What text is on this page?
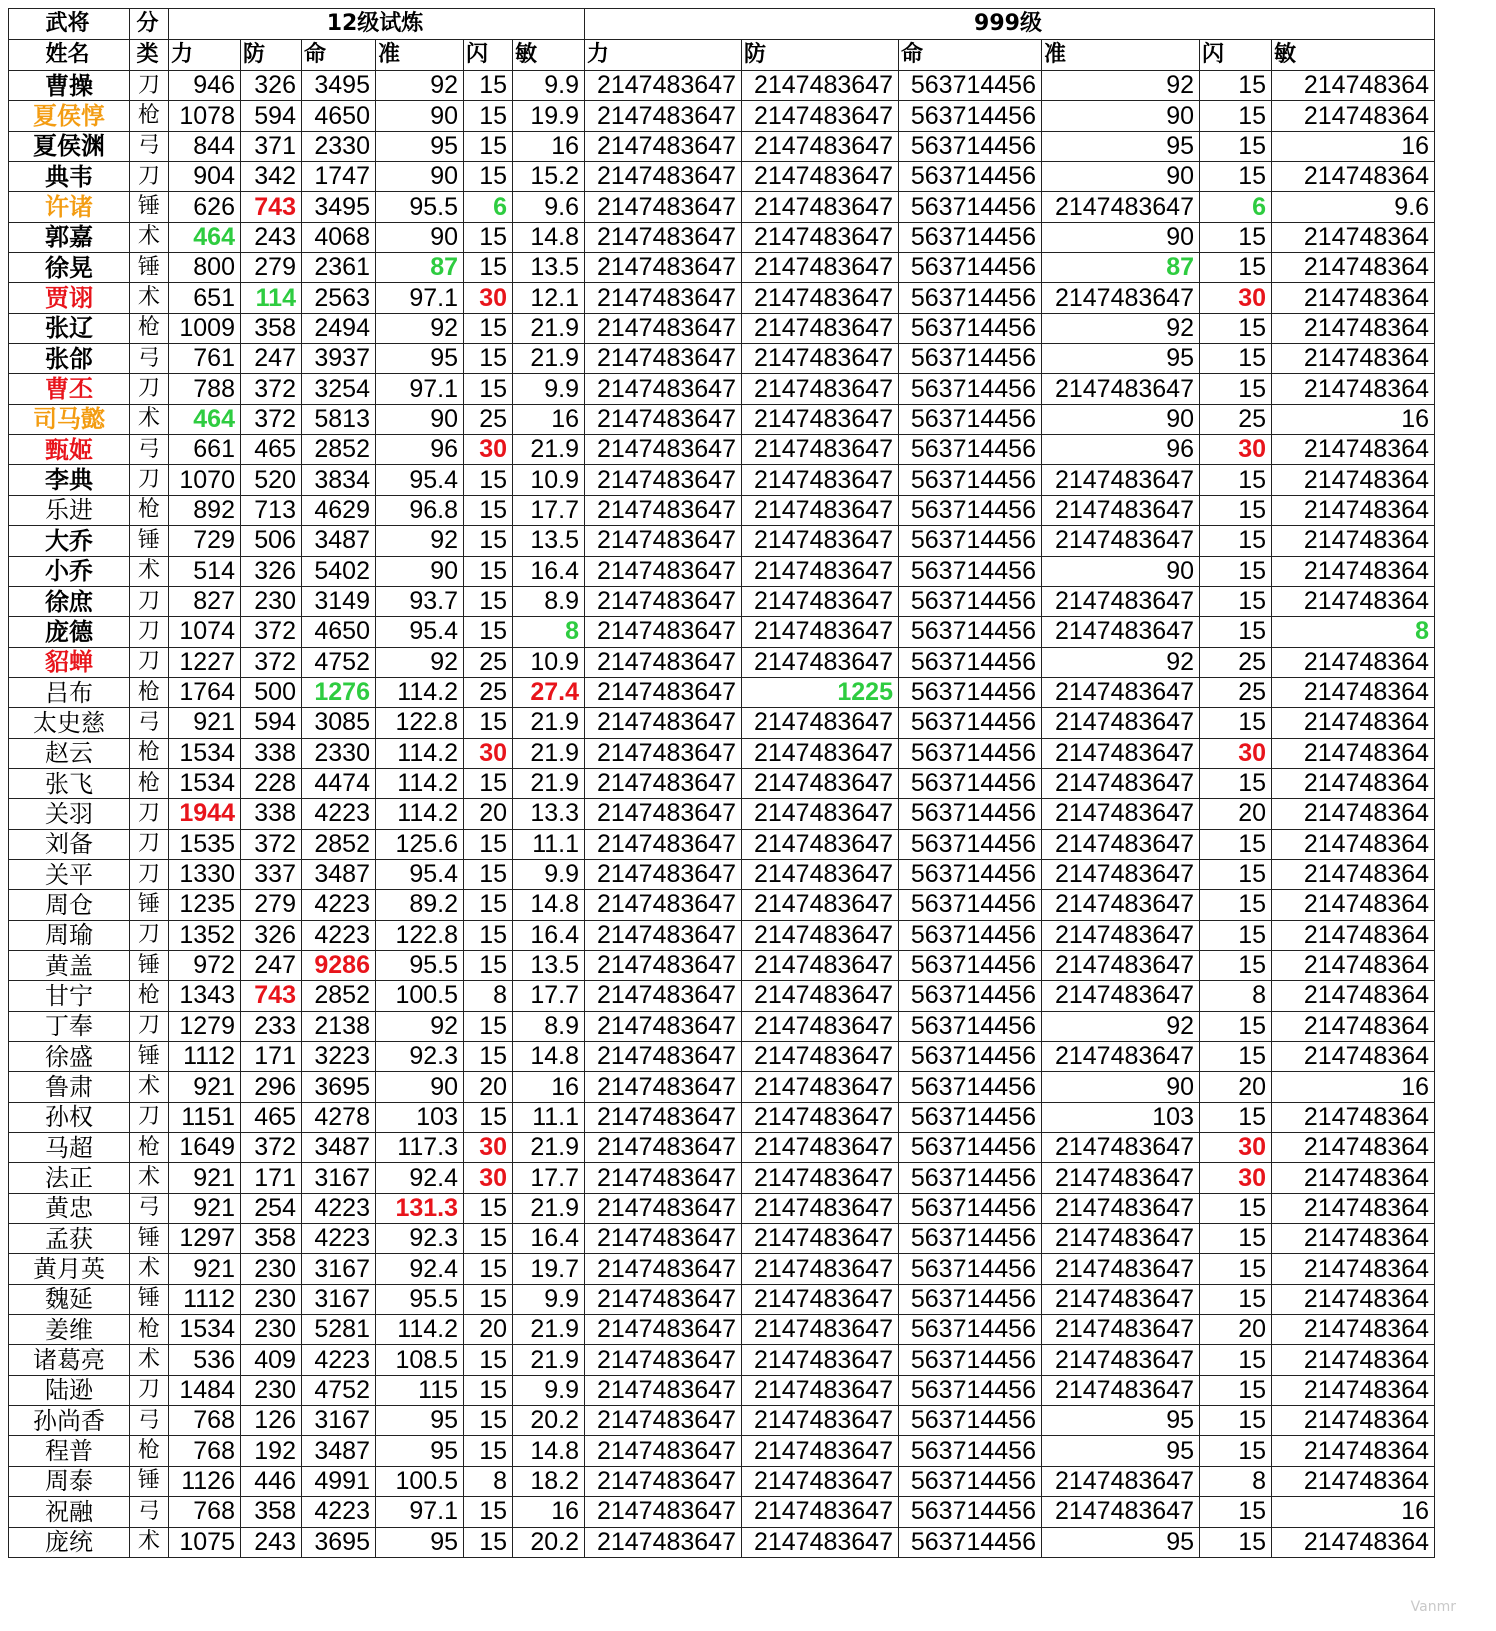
武将	分	12级试炼						999级					
姓名	类	力	防	命	准	闪	敏	力	防	命	准	闪	敏
曹操	刀	946	326	3495	92	15	9.9	2147483647	2147483647	563714456	92	15	214748364
夏侯惇	枪	1078	594	4650	90	15	19.9	2147483647	2147483647	563714456	90	15	214748364
夏侯渊	弓	844	371	2330	95	15	16	2147483647	2147483647	563714456	95	15	16
典韦	刀	904	342	1747	90	15	15.2	2147483647	2147483647	563714456	90	15	214748364
许诸	锤	626	743	3495	95.5	6	9.6	2147483647	2147483647	563714456	2147483647	6	9.6
郭嘉	术	464	243	4068	90	15	14.8	2147483647	2147483647	563714456	90	15	214748364
徐晃	锤	800	279	2361	87	15	13.5	2147483647	2147483647	563714456	87	15	214748364
贾诩	术	651	114	2563	97.1	30	12.1	2147483647	2147483647	563714456	2147483647	30	214748364
张辽	枪	1009	358	2494	92	15	21.9	2147483647	2147483647	563714456	92	15	214748364
张郃	弓	761	247	3937	95	15	21.9	2147483647	2147483647	563714456	95	15	214748364
曹丕	刀	788	372	3254	97.1	15	9.9	2147483647	2147483647	563714456	2147483647	15	214748364
司马懿	术	464	372	5813	90	25	16	2147483647	2147483647	563714456	90	25	16
甄姬	弓	661	465	2852	96	30	21.9	2147483647	2147483647	563714456	96	30	214748364
李典	刀	1070	520	3834	95.4	15	10.9	2147483647	2147483647	563714456	2147483647	15	214748364
乐进	枪	892	713	4629	96.8	15	17.7	2147483647	2147483647	563714456	2147483647	15	214748364
大乔	锤	729	506	3487	92	15	13.5	2147483647	2147483647	563714456	2147483647	15	214748364
小乔	术	514	326	5402	90	15	16.4	2147483647	2147483647	563714456	90	15	214748364
徐庶	刀	827	230	3149	93.7	15	8.9	2147483647	2147483647	563714456	2147483647	15	214748364
庞德	刀	1074	372	4650	95.4	15	8	2147483647	2147483647	563714456	2147483647	15	8
貂蝉	刀	1227	372	4752	92	25	10.9	2147483647	2147483647	563714456	92	25	214748364
吕布	枪	1764	500	1276	114.2	25	27.4	2147483647	1225	563714456	2147483647	25	214748364
太史慈	弓	921	594	3085	122.8	15	21.9	2147483647	2147483647	563714456	2147483647	15	214748364
赵云	枪	1534	338	2330	114.2	30	21.9	2147483647	2147483647	563714456	2147483647	30	214748364
张飞	枪	1534	228	4474	114.2	15	21.9	2147483647	2147483647	563714456	2147483647	15	214748364
关羽	刀	1944	338	4223	114.2	20	13.3	2147483647	2147483647	563714456	2147483647	20	214748364
刘备	刀	1535	372	2852	125.6	15	11.1	2147483647	2147483647	563714456	2147483647	15	214748364
关平	刀	1330	337	3487	95.4	15	9.9	2147483647	2147483647	563714456	2147483647	15	214748364
周仓	锤	1235	279	4223	89.2	15	14.8	2147483647	2147483647	563714456	2147483647	15	214748364
周瑜	刀	1352	326	4223	122.8	15	16.4	2147483647	2147483647	563714456	2147483647	15	214748364
黄盖	锤	972	247	9286	95.5	15	13.5	2147483647	2147483647	563714456	2147483647	15	214748364
甘宁	枪	1343	743	2852	100.5	8	17.7	2147483647	2147483647	563714456	2147483647	8	214748364
丁奉	刀	1279	233	2138	92	15	8.9	2147483647	2147483647	563714456	92	15	214748364
徐盛	锤	1112	171	3223	92.3	15	14.8	2147483647	2147483647	563714456	2147483647	15	214748364
鲁肃	术	921	296	3695	90	20	16	2147483647	2147483647	563714456	90	20	16
孙权	刀	1151	465	4278	103	15	11.1	2147483647	2147483647	563714456	103	15	214748364
马超	枪	1649	372	3487	117.3	30	21.9	2147483647	2147483647	563714456	2147483647	30	214748364
法正	术	921	171	3167	92.4	30	17.7	2147483647	2147483647	563714456	2147483647	30	214748364
黄忠	弓	921	254	4223	131.3	15	21.9	2147483647	2147483647	563714456	2147483647	15	214748364
孟获	锤	1297	358	4223	92.3	15	16.4	2147483647	2147483647	563714456	2147483647	15	214748364
黄月英	术	921	230	3167	92.4	15	19.7	2147483647	2147483647	563714456	2147483647	15	214748364
魏延	锤	1112	230	3167	95.5	15	9.9	2147483647	2147483647	563714456	2147483647	15	214748364
姜维	枪	1534	230	5281	114.2	20	21.9	2147483647	2147483647	563714456	2147483647	20	214748364
诸葛亮	术	536	409	4223	108.5	15	21.9	2147483647	2147483647	563714456	2147483647	15	214748364
陆逊	刀	1484	230	4752	115	15	9.9	2147483647	2147483647	563714456	2147483647	15	214748364
孙尚香	弓	768	126	3167	95	15	20.2	2147483647	2147483647	563714456	95	15	214748364
程普	枪	768	192	3487	95	15	14.8	2147483647	2147483647	563714456	95	15	214748364
周泰	锤	1126	446	4991	100.5	8	18.2	2147483647	2147483647	563714456	2147483647	8	214748364
祝融	弓	768	358	4223	97.1	15	16	2147483647	2147483647	563714456	2147483647	15	16
庞统	术	1075	243	3695	95	15	20.2	2147483647	2147483647	563714456	95	15	214748364
Vanmr
